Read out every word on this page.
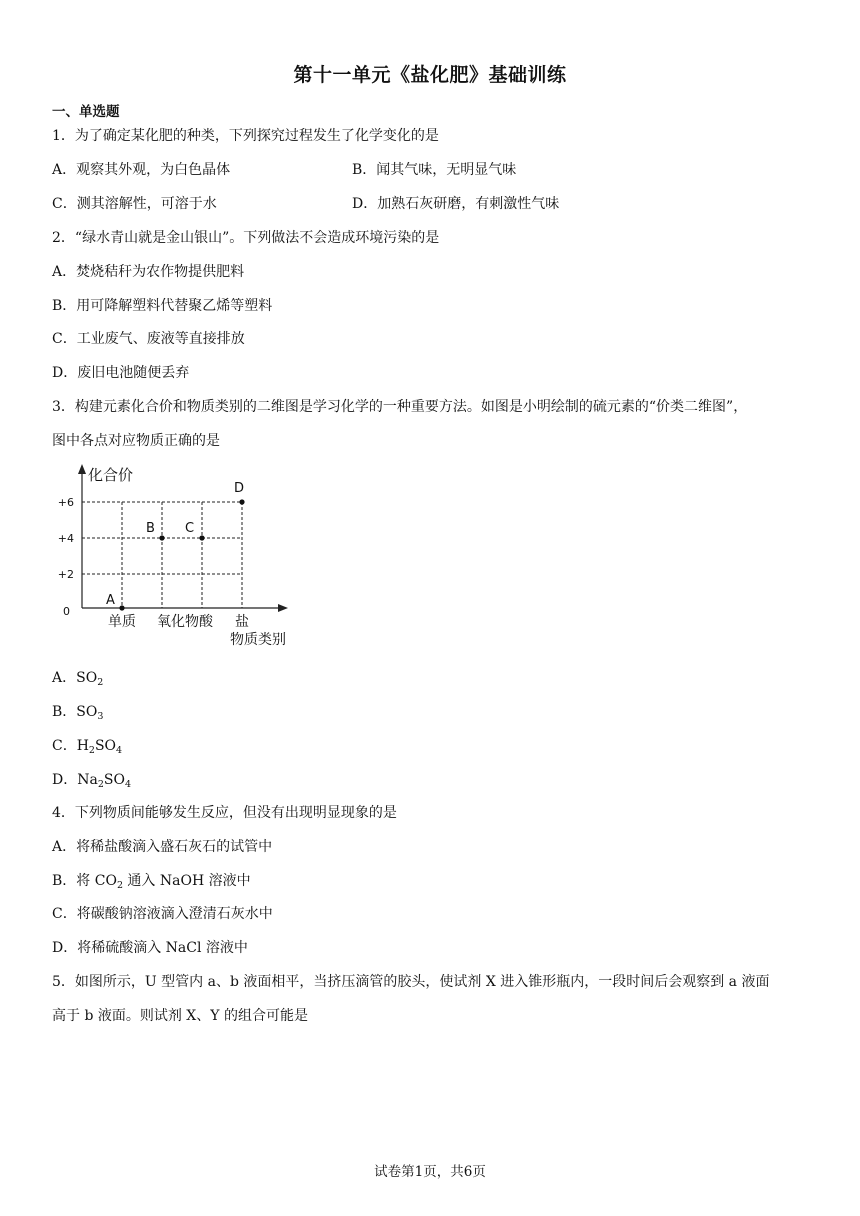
第十一单元《盐化肥》基础训练
一、单选题
1．为了确定某化肥的种类，下列探究过程发生了化学变化的是
A．观察其外观，为白色晶体	B．闻其气味，无明显气味
C．测其溶解性，可溶于水	D．加熟石灰研磨，有刺激性气味
2．“绿水青山就是金山银山”。下列做法不会造成环境污染的是
A．焚烧秸秆为农作物提供肥料
B．用可降解塑料代替聚乙烯等塑料
C．工业废气、废液等直接排放
D．废旧电池随便丢弃
3．构建元素化合价和物质类别的二维图是学习化学的一种重要方法。如图是小明绘制的硫元素的“价类二维图”，
图中各点对应物质正确的是
化合价
物质类别
+6
+4
+2
0
单质 氧化物 酸 盐
A
B C
D
A．$SO_2$
B．$SO_3$
C．$H_2SO_4$
D．$Na_2SO_4$
4．下列物质间能够发生反应，但没有出现明显现象的是
A．将稀盐酸滴入盛石灰石的试管中
B．将 $CO_2$ 通入 NaOH 溶液中
C．将碳酸钠溶液滴入澄清石灰水中
D．将稀硫酸滴入 NaCl 溶液中
5．如图所示，U 型管内 a、b 液面相平，当挤压滴管的胶头，使试剂 X 进入锥形瓶内，一段时间后会观察到 a 液面
高于 b 液面。则试剂 X、Y 的组合可能是
试卷第1页，共6页
